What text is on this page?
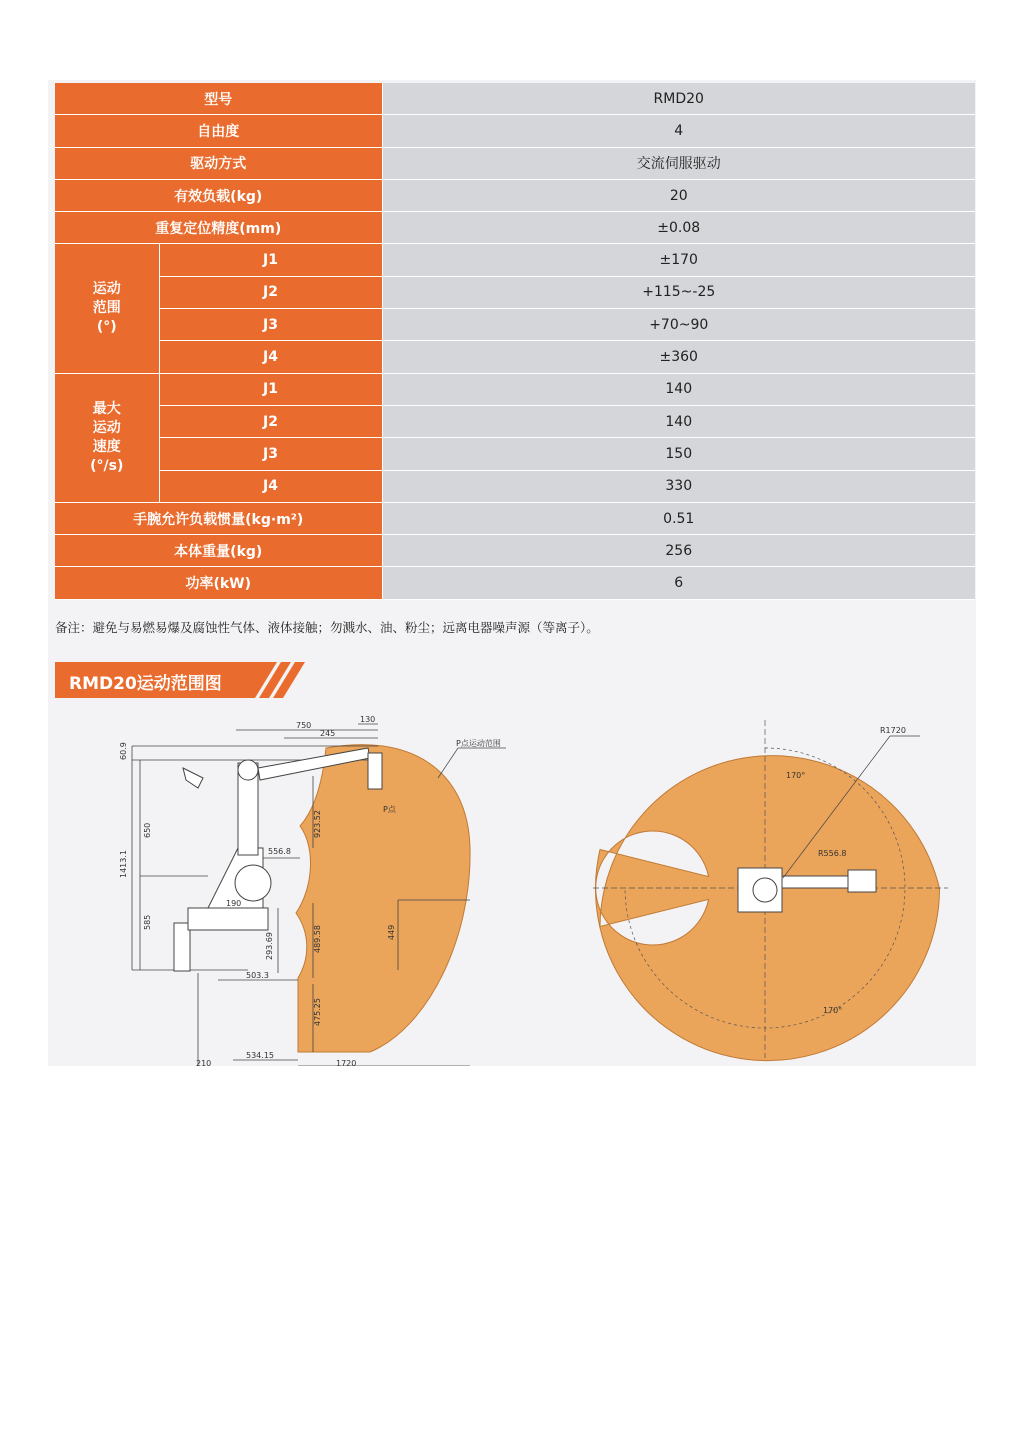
型号		RMD20
自由度		4
驱动方式		交流伺服驱动
有效负载(kg)		20
重复定位精度(mm)		±0.08
运动
范围
(°)	J1	±170
	J2	+115~-25
	J3	+70~90
	J4	±360
最大
运动
速度
(°/s)	J1	140
	J2	140
	J3	150
	J4	330
手腕允许负载惯量(kg·m²)		0.51
本体重量(kg)		256
功率(kW)		6
备注：避免与易燃易爆及腐蚀性气体、液体接触；勿溅水、油、粉尘；远离电器噪声源（等离子）。
RMD20运动范围图
750
130
245
60.9
650
1413.1
585
923.52
556.8
190
293.69	489.58	449
503.3
475.25
534.15
210	1720
P点运动范围
P点
R1720
R556.8
170°
170°
